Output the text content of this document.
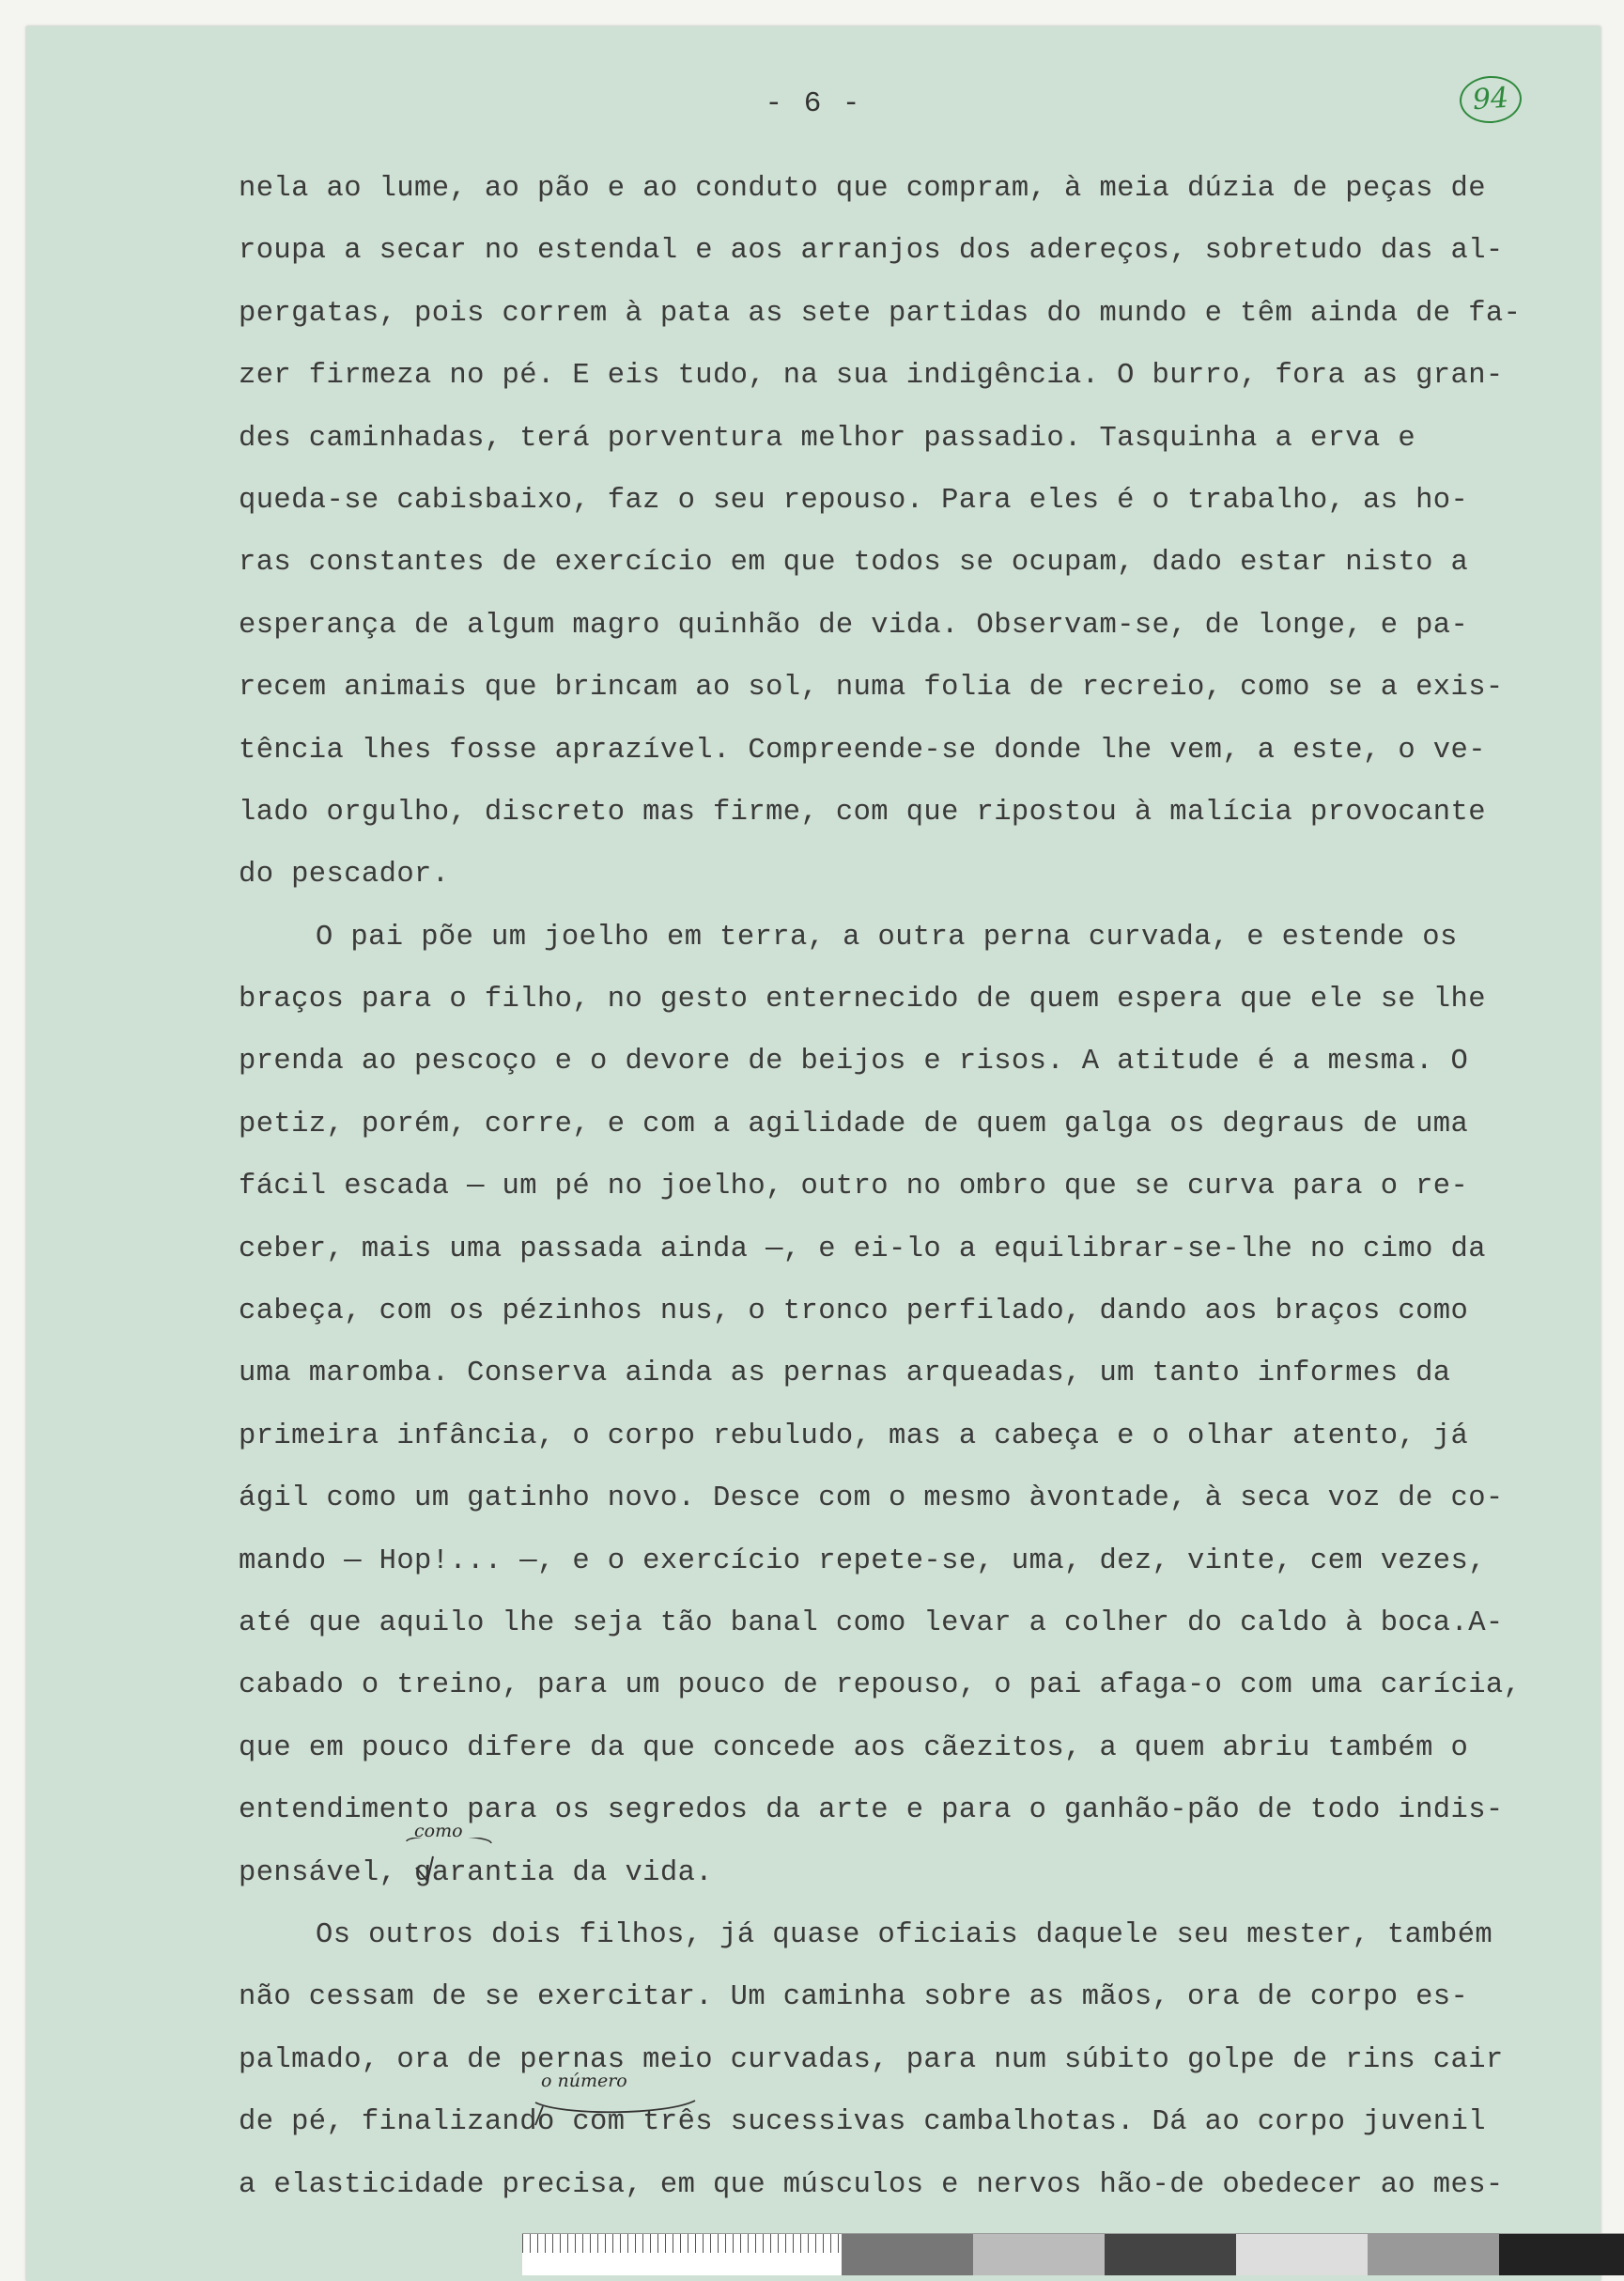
- 6 -	94
nela ao lume, ao pão e ao conduto que compram, à meia dúzia de peças de
roupa a secar no estendal e aos arranjos dos adereços, sobretudo das al-
pergatas, pois correm à pata as sete partidas do mundo e têm ainda de fa-
zer firmeza no pé. E eis tudo, na sua indigência. O burro, fora as gran-
des caminhadas, terá porventura melhor passadio. Tasquinha a erva e
queda-se cabisbaixo, faz o seu repouso. Para eles é o trabalho, as ho-
ras constantes de exercício em que todos se ocupam, dado estar nisto a
esperança de algum magro quinhão de vida. Observam-se, de longe, e pa-
recem animais que brincam ao sol, numa folia de recreio, como se a exis-
tência lhes fosse aprazível. Compreende-se donde lhe vem, a este, o ve-
lado orgulho, discreto mas firme, com que ripostou à malícia provocante
do pescador.
O pai põe um joelho em terra, a outra perna curvada, e estende os
braços para o filho, no gesto enternecido de quem espera que ele se lhe
prenda ao pescoço e o devore de beijos e risos. A atitude é a mesma. O
petiz, porém, corre, e com a agilidade de quem galga os degraus de uma
fácil escada — um pé no joelho, outro no ombro que se curva para o re-
ceber, mais uma passada ainda —, e ei-lo a equilibrar-se-lhe no cimo da
cabeça, com os pézinhos nus, o tronco perfilado, dando aos braços como
uma maromba. Conserva ainda as pernas arqueadas, um tanto informes da
primeira infância, o corpo rebuludo, mas a cabeça e o olhar atento, já
ágil como um gatinho novo. Desce com o mesmo àvontade, à seca voz de co-
mando — Hop!... —, e o exercício repete-se, uma, dez, vinte, cem vezes,
até que aquilo lhe seja tão banal como levar a colher do caldo à boca.A-
cabado o treino, para um pouco de repouso, o pai afaga-o com uma carícia,
que em pouco difere da que concede aos cãezitos, a quem abriu também o
entendimento para os segredos da arte e para o ganhão-pão de todo indis-
pensável, garantia da vida.
Os outros dois filhos, já quase oficiais daquele seu mester, também
não cessam de se exercitar. Um caminha sobre as mãos, ora de corpo es-
palmado, ora de pernas meio curvadas, para num súbito golpe de rins cair
de pé, finalizando com três sucessivas cambalhotas. Dá ao corpo juvenil
a elasticidade precisa, em que músculos e nervos hão-de obedecer ao mes-
como
o número
